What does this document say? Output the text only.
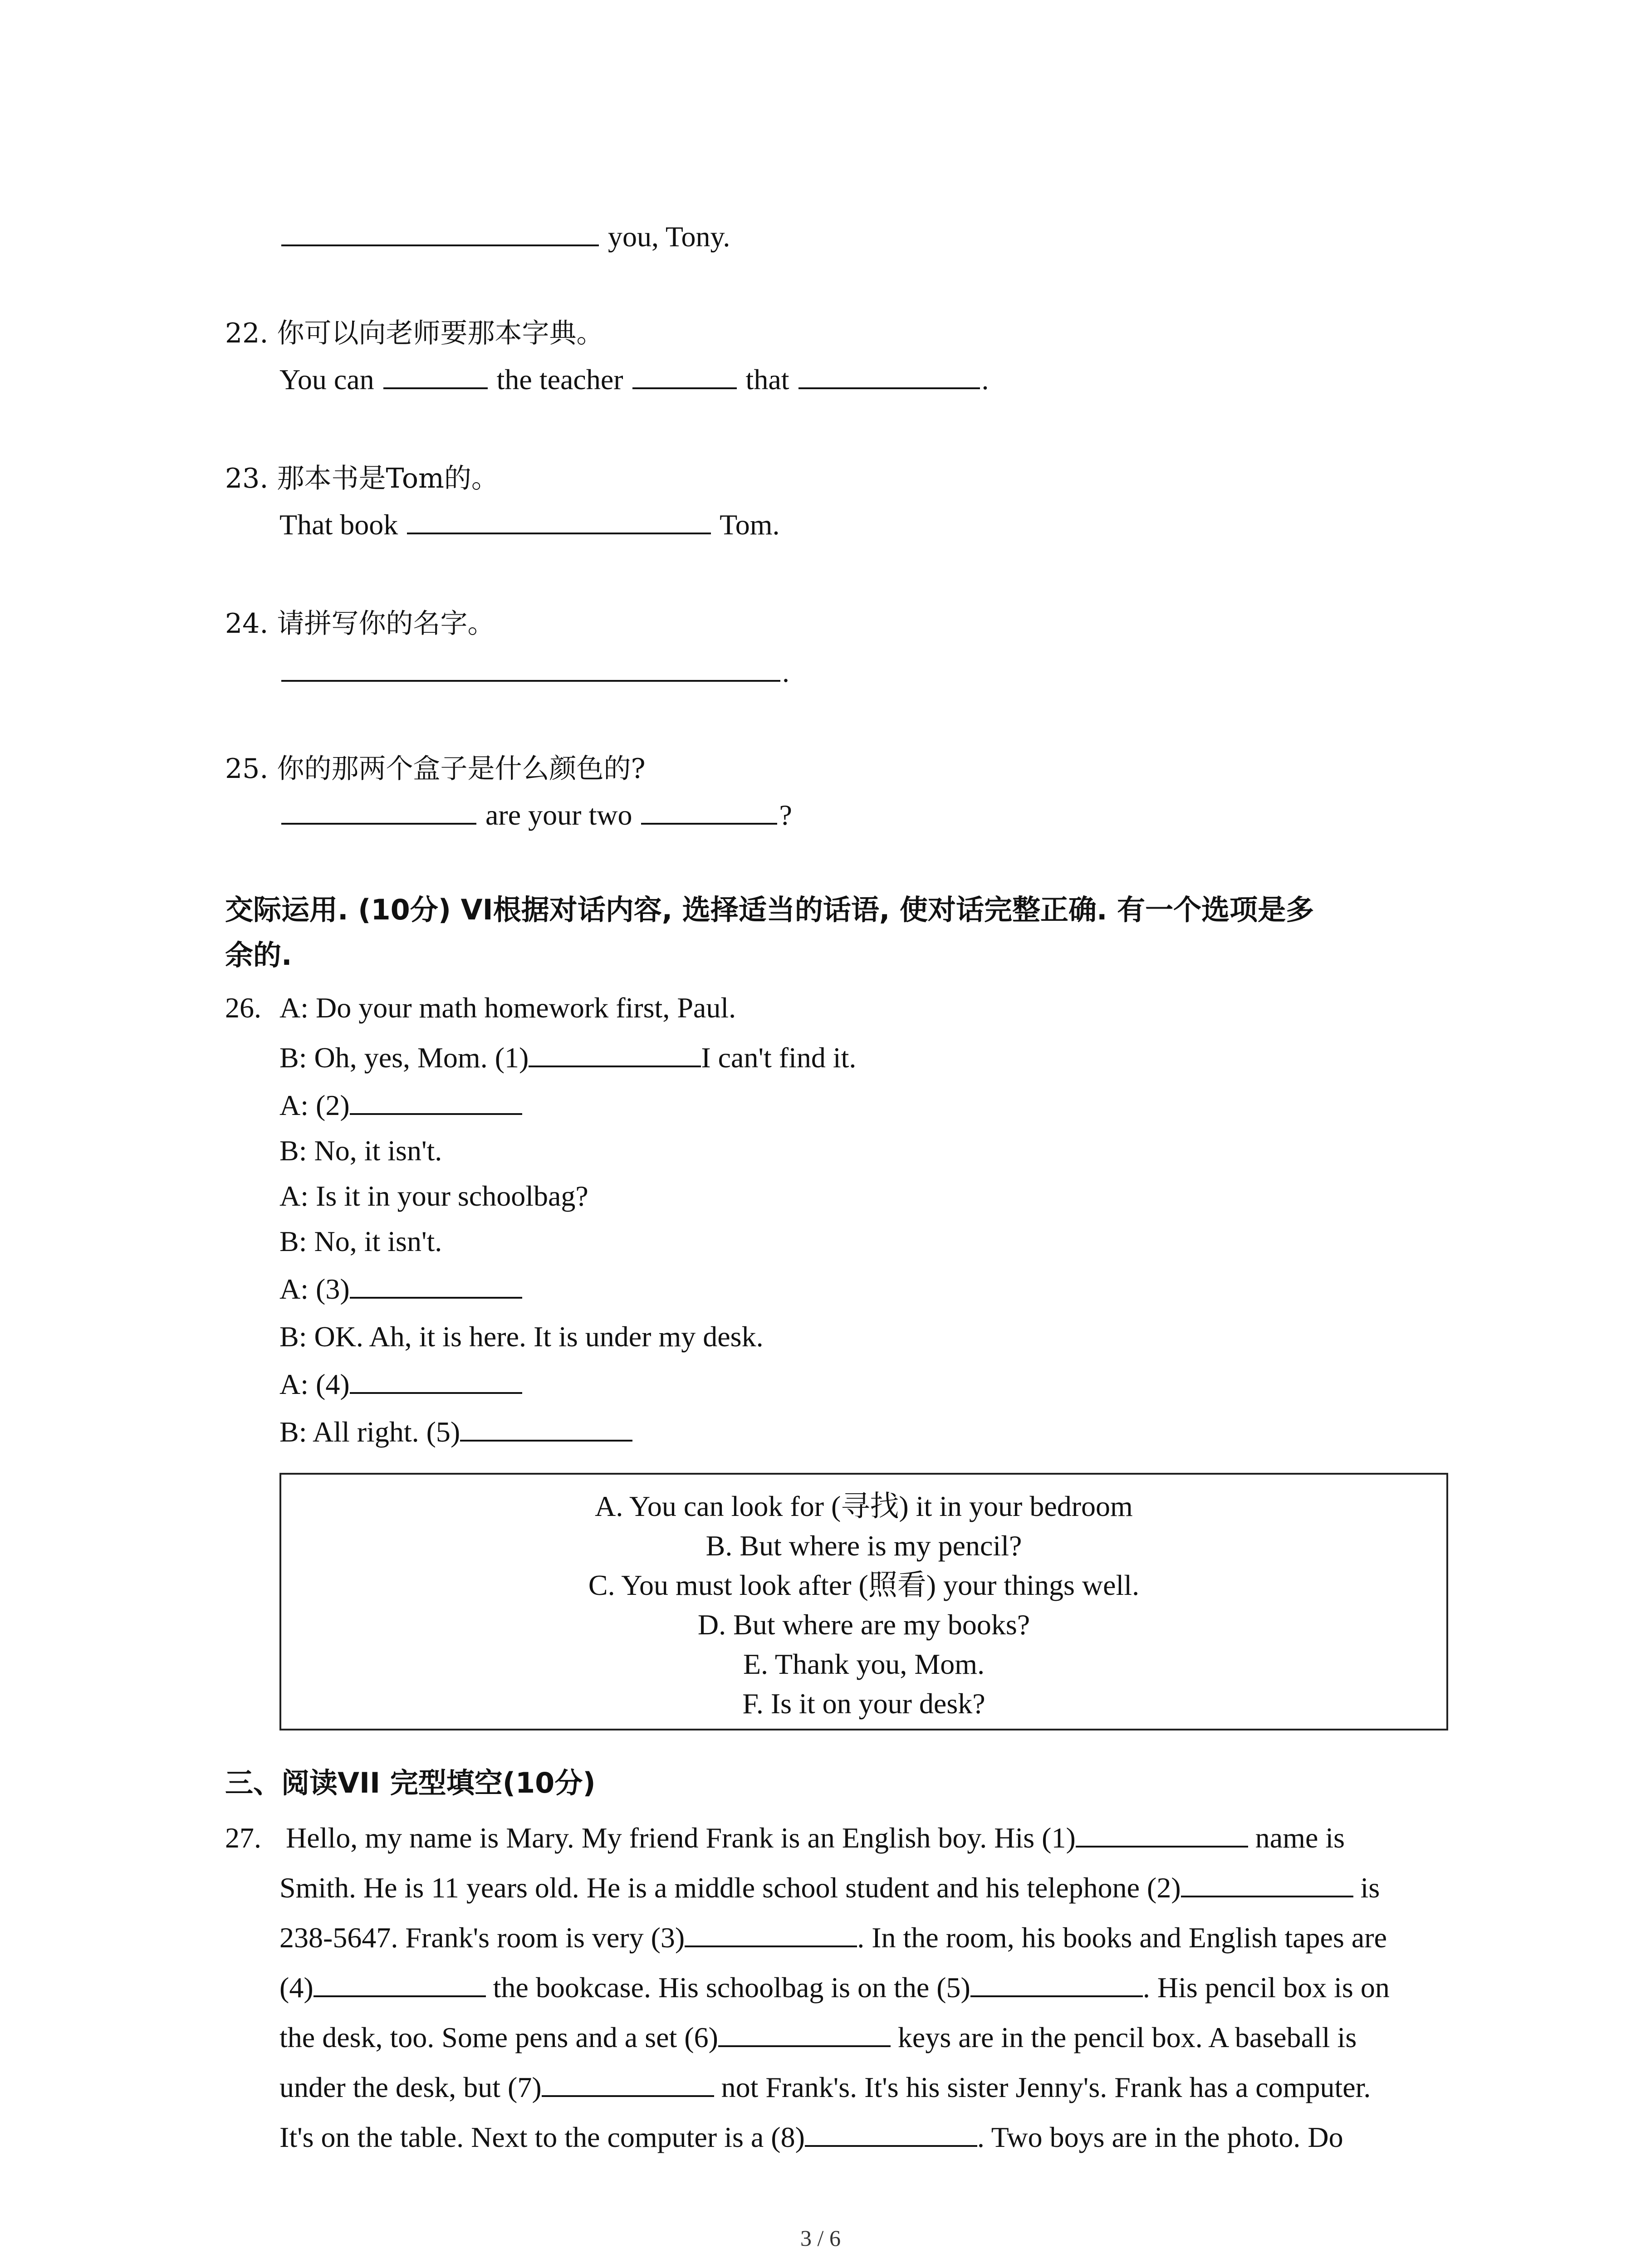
you, Tony.
22. 你可以向老师要那本字典。
You can	the teacher	that	.
23. 那本书是Tom的。
That book	Tom.
24. 请拼写你的名字。
.
25. 你的那两个盒子是什么颜色的?
are your two	?
交际运用. (10分) VI根据对话内容, 选择适当的话语, 使对话完整正确. 有一个选项是多
余的.
26. A: Do your math homework first, Paul.
B: Oh, yes, Mom. (1)	I can't find it.
A: (2)
B: No, it isn't.
A: Is it in your schoolbag?
B: No, it isn't.
A: (3)
B: OK. Ah, it is here. It is under my desk.
A: (4)
B: All right. (5)
A. You can look for (寻找) it in your bedroom
B. But where is my pencil?
C. You must look after (照看) your things well.
D. But where are my books?
E. Thank you, Mom.
F. Is it on your desk?
三、阅读VII 完型填空(10分)
27. Hello, my name is Mary. My friend Frank is an English boy. His (1)	name is
Smith. He is 11 years old. He is a middle school student and his telephone (2)	is
238-5647. Frank's room is very (3)	. In the room, his books and English tapes are
(4)	the bookcase. His schoolbag is on the (5)	. His pencil box is on
the desk, too. Some pens and a set (6)	keys are in the pencil box. A baseball is
under the desk, but (7)	not Frank's. It's his sister Jenny's. Frank has a computer.
It's on the table. Next to the computer is a (8)	. Two boys are in the photo. Do
3 / 6
